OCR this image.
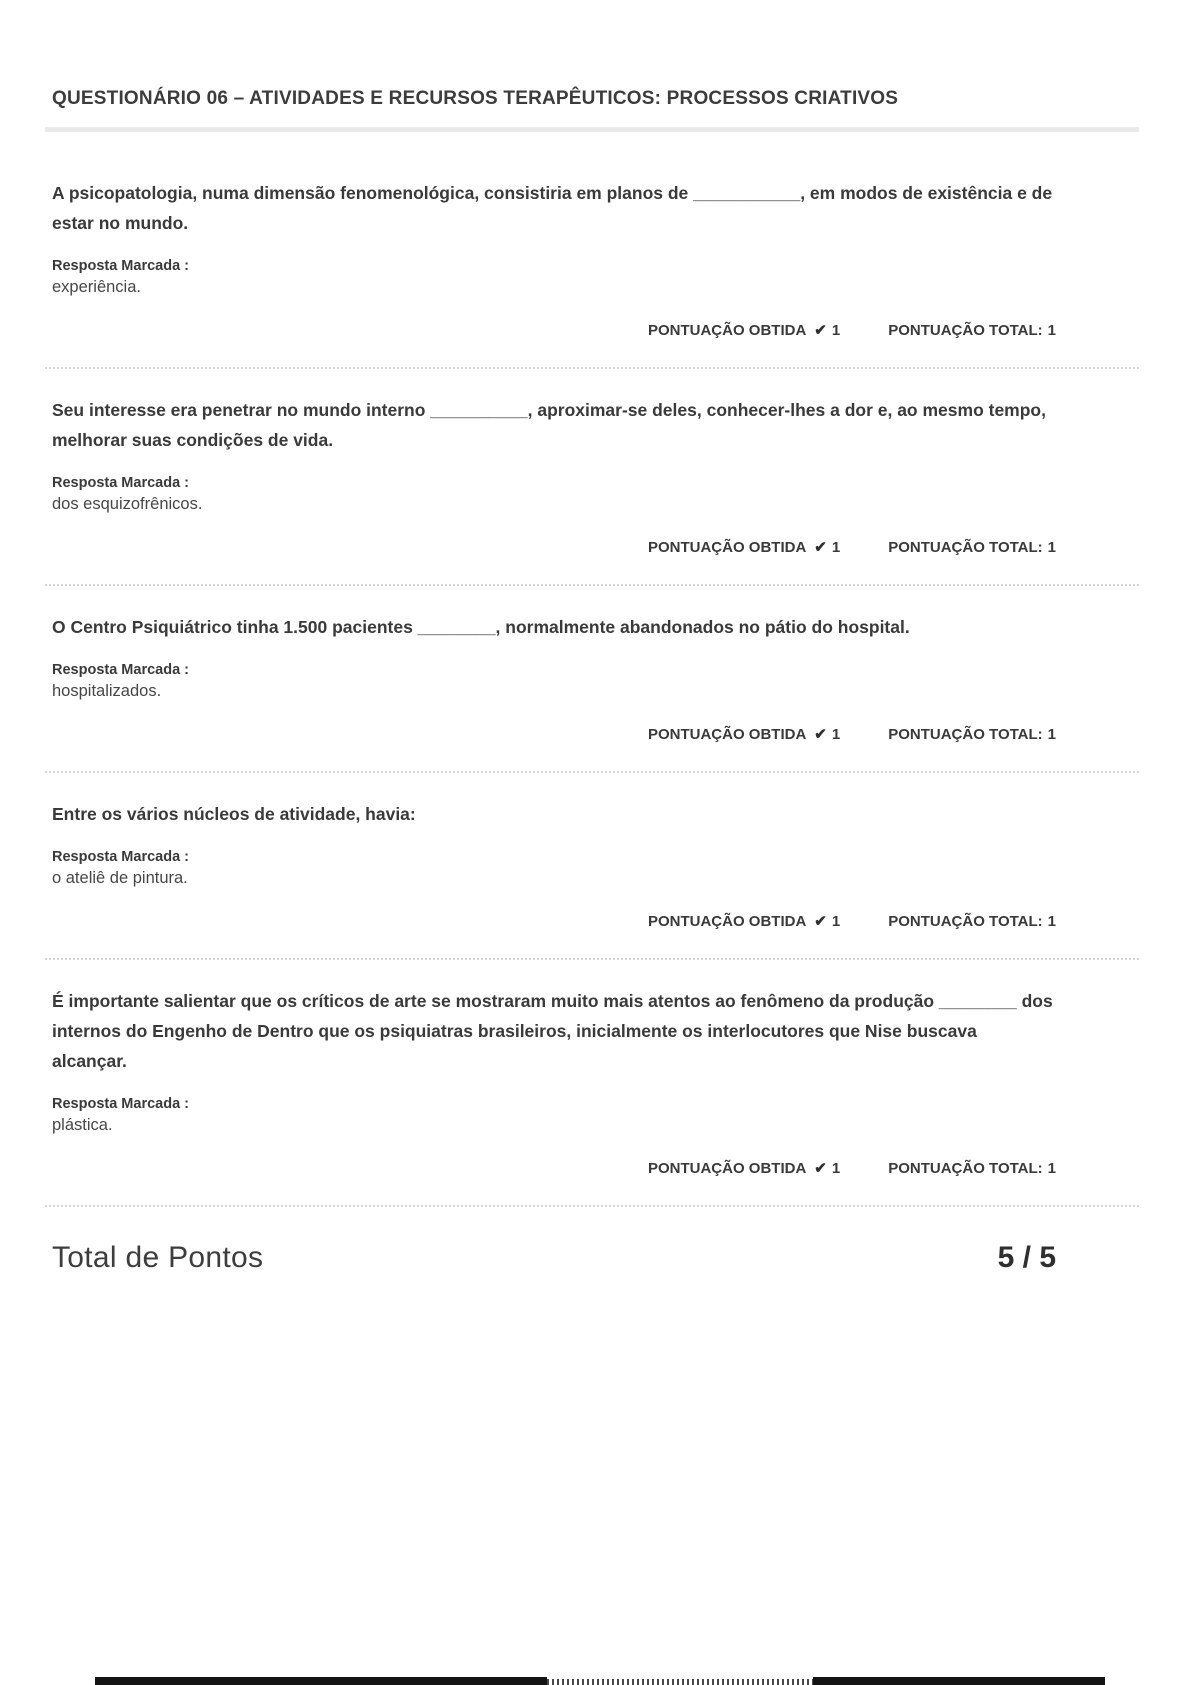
QUESTIONÁRIO 06 – ATIVIDADES E RECURSOS TERAPÊUTICOS: PROCESSOS CRIATIVOS

A psicopatologia, numa dimensão fenomenológica, consistiria em planos de ___________, em modos de existência e de estar no mundo.

Resposta Marcada :

experiência.

PONTUAÇÃO OBTIDA ✔ 1	PONTUAÇÃO TOTAL: 1

Seu interesse era penetrar no mundo interno __________, aproximar-se deles, conhecer-lhes a dor e, ao mesmo tempo, melhorar suas condições de vida.

Resposta Marcada :

dos esquizofrênicos.

PONTUAÇÃO OBTIDA ✔ 1	PONTUAÇÃO TOTAL: 1

O Centro Psiquiátrico tinha 1.500 pacientes ________, normalmente abandonados no pátio do hospital.

Resposta Marcada :

hospitalizados.

PONTUAÇÃO OBTIDA ✔ 1	PONTUAÇÃO TOTAL: 1

Entre os vários núcleos de atividade, havia:

Resposta Marcada :

o ateliê de pintura.

PONTUAÇÃO OBTIDA ✔ 1	PONTUAÇÃO TOTAL: 1

É importante salientar que os críticos de arte se mostraram muito mais atentos ao fenômeno da produção ________ dos internos do Engenho de Dentro que os psiquiatras brasileiros, inicialmente os interlocutores que Nise buscava alcançar.

Resposta Marcada :

plástica.

PONTUAÇÃO OBTIDA ✔ 1	PONTUAÇÃO TOTAL: 1
Total de Pontos	5 / 5
